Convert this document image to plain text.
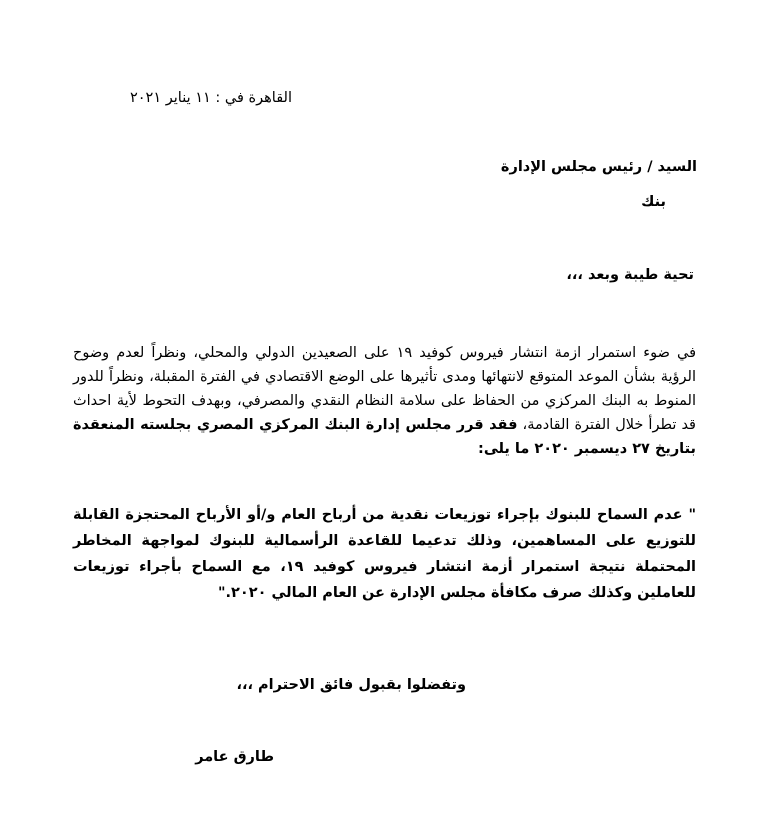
القاهرة في : ١١ يناير ٢٠٢١
السيد / رئيس مجلس الإدارة
بنك
تحية طيبة وبعد ،،،
في ضوء استمرار ازمة انتشار فيروس كوفيد ١٩ على الصعيدين الدولي والمحلي، ونظراً لعدم وضوح الرؤية بشأن الموعد المتوقع لانتهائها ومدى تأثيرها على الوضع الاقتصادي في الفترة المقبلة، ونظراً للدور المنوط به البنك المركزي من الحفاظ على سلامة النظام النقدي والمصرفي، وبهدف التحوط لأية احداث قد تطرأ خلال الفترة القادمة، فقد قرر مجلس إدارة البنك المركزي المصري بجلسته المنعقدة بتاريخ ٢٧ ديسمبر ٢٠٢٠ ما يلى:
" عدم السماح للبنوك بإجراء توزيعات نقدية من أرباح العام و/أو الأرباح المحتجزة القابلة للتوزيع على المساهمين، وذلك تدعيما للقاعدة الرأسمالية للبنوك لمواجهة المخاطر المحتملة نتيجة استمرار أزمة انتشار فيروس كوفيد ١٩، مع السماح بأجراء توزيعات للعاملين وكذلك صرف مكافأة مجلس الإدارة عن العام المالي ٢٠٢٠."
وتفضلوا بقبول فائق الاحترام ،،،
طارق عامر
